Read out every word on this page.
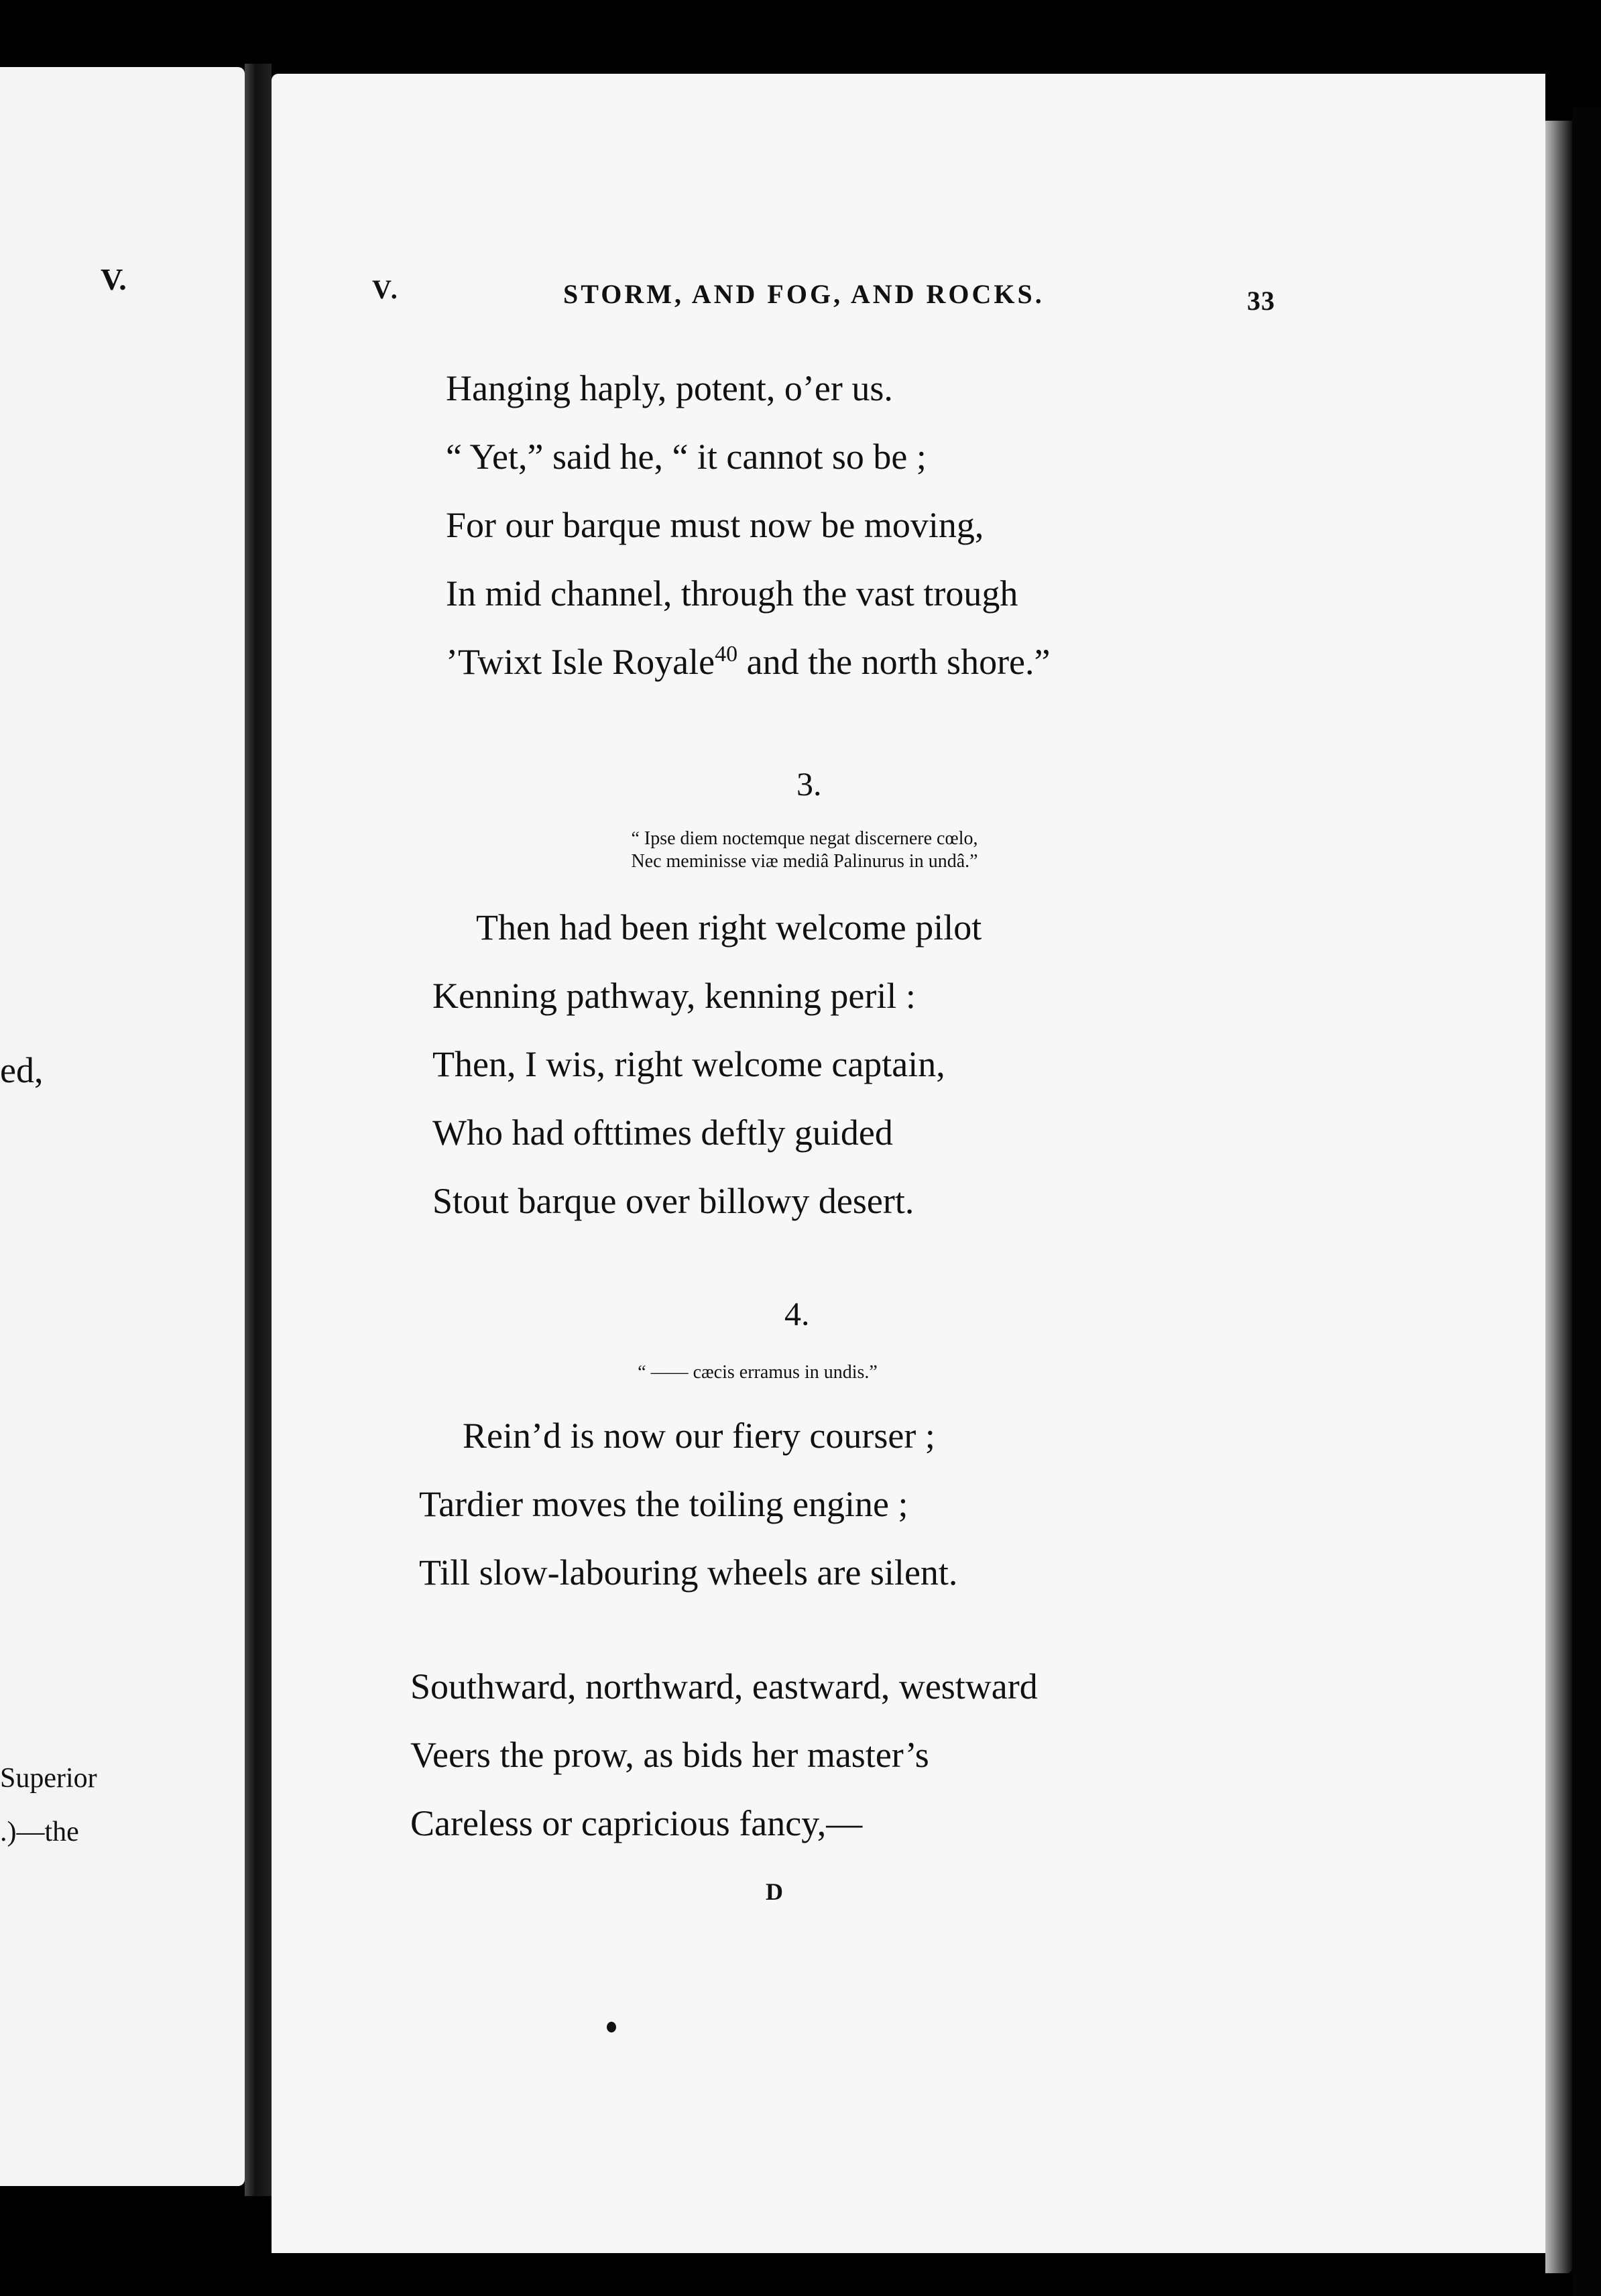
V.
ed,
Superior
.)—the
V.	STORM, AND FOG, AND ROCKS.	33
Hanging haply, potent, o’er us.
“ Yet,” said he, “ it cannot so be ;
For our barque must now be moving,
In mid channel, through the vast trough
’Twixt Isle Royale$^{40}$ and the north shore.”
3.
“ Ipse diem noctemque negat discernere cœlo,
Nec meminisse viæ mediâ Palinurus in undâ.”
Then had been right welcome pilot
Kenning pathway, kenning peril :
Then, I wis, right welcome captain,
Who had ofttimes deftly guided
Stout barque over billowy desert.
4.
“ —— cæcis erramus in undis.”
Rein’d is now our fiery courser ;
Tardier moves the toiling engine ;
Till slow-labouring wheels are silent.
Southward, northward, eastward, westward
Veers the prow, as bids her master’s
Careless or capricious fancy,—
D
